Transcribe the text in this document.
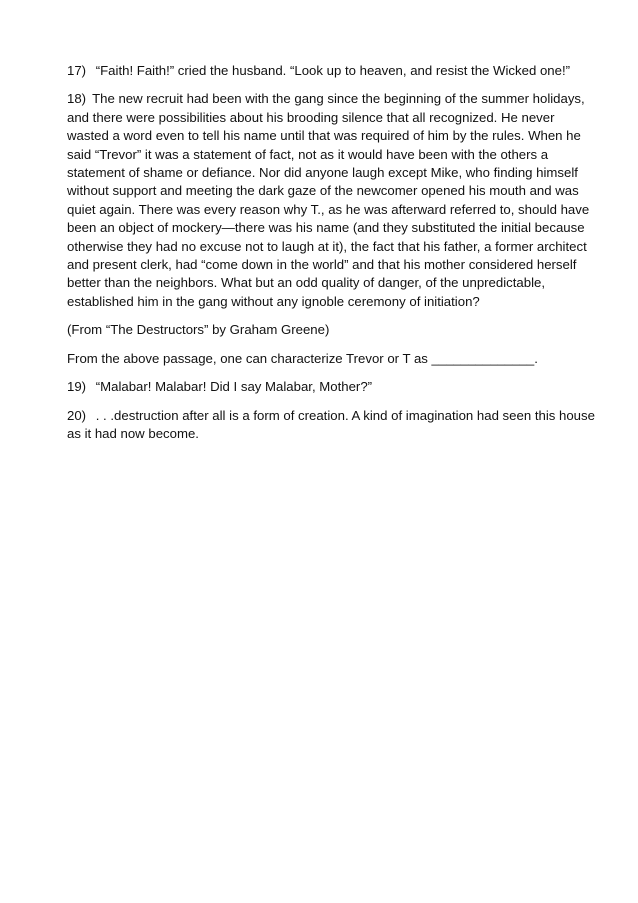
17) “Faith! Faith!” cried the husband. “Look up to heaven, and resist the Wicked one!”

18) The new recruit had been with the gang since the beginning of the summer holidays, and there were possibilities about his brooding silence that all recognized. He never wasted a word even to tell his name until that was required of him by the rules. When he said “Trevor” it was a statement of fact, not as it would have been with the others a statement of shame or defiance. Nor did anyone laugh except Mike, who finding himself without support and meeting the dark gaze of the newcomer opened his mouth and was quiet again. There was every reason why T., as he was afterward referred to, should have been an object of mockery—there was his name (and they substituted the initial because otherwise they had no excuse not to laugh at it), the fact that his father, a former architect and present clerk, had “come down in the world” and that his mother considered herself better than the neighbors. What but an odd quality of danger, of the unpredictable, established him in the gang without any ignoble ceremony of initiation?

(From “The Destructors” by Graham Greene)

From the above passage, one can characterize Trevor or T as ______________.

19) “Malabar! Malabar! Did I say Malabar, Mother?”

20) . . .destruction after all is a form of creation. A kind of imagination had seen this house as it had now become.
